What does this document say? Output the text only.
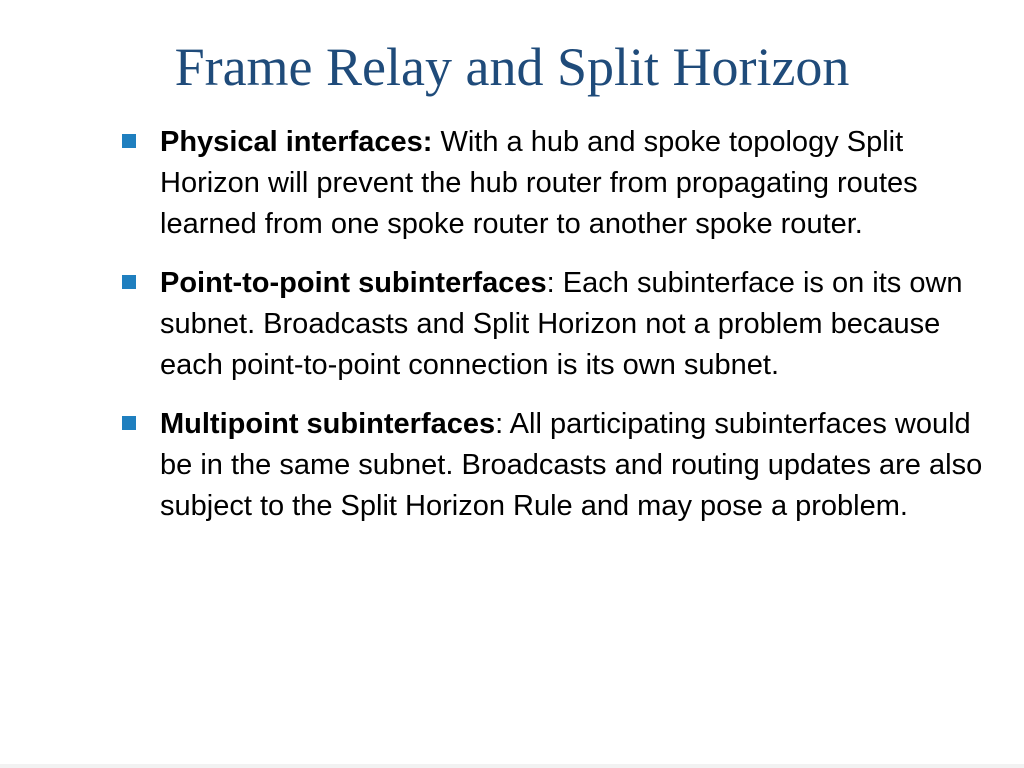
Frame Relay and Split Horizon
Physical interfaces: With a hub and spoke topology Split Horizon will prevent the hub router from propagating routes learned from one spoke router to another spoke router.
Point-to-point subinterfaces: Each subinterface is on its own subnet. Broadcasts and Split Horizon not a problem because each point-to-point connection is its own subnet.
Multipoint subinterfaces: All participating subinterfaces would be in the same subnet. Broadcasts and routing updates are also subject to the Split Horizon Rule and may pose a problem.
